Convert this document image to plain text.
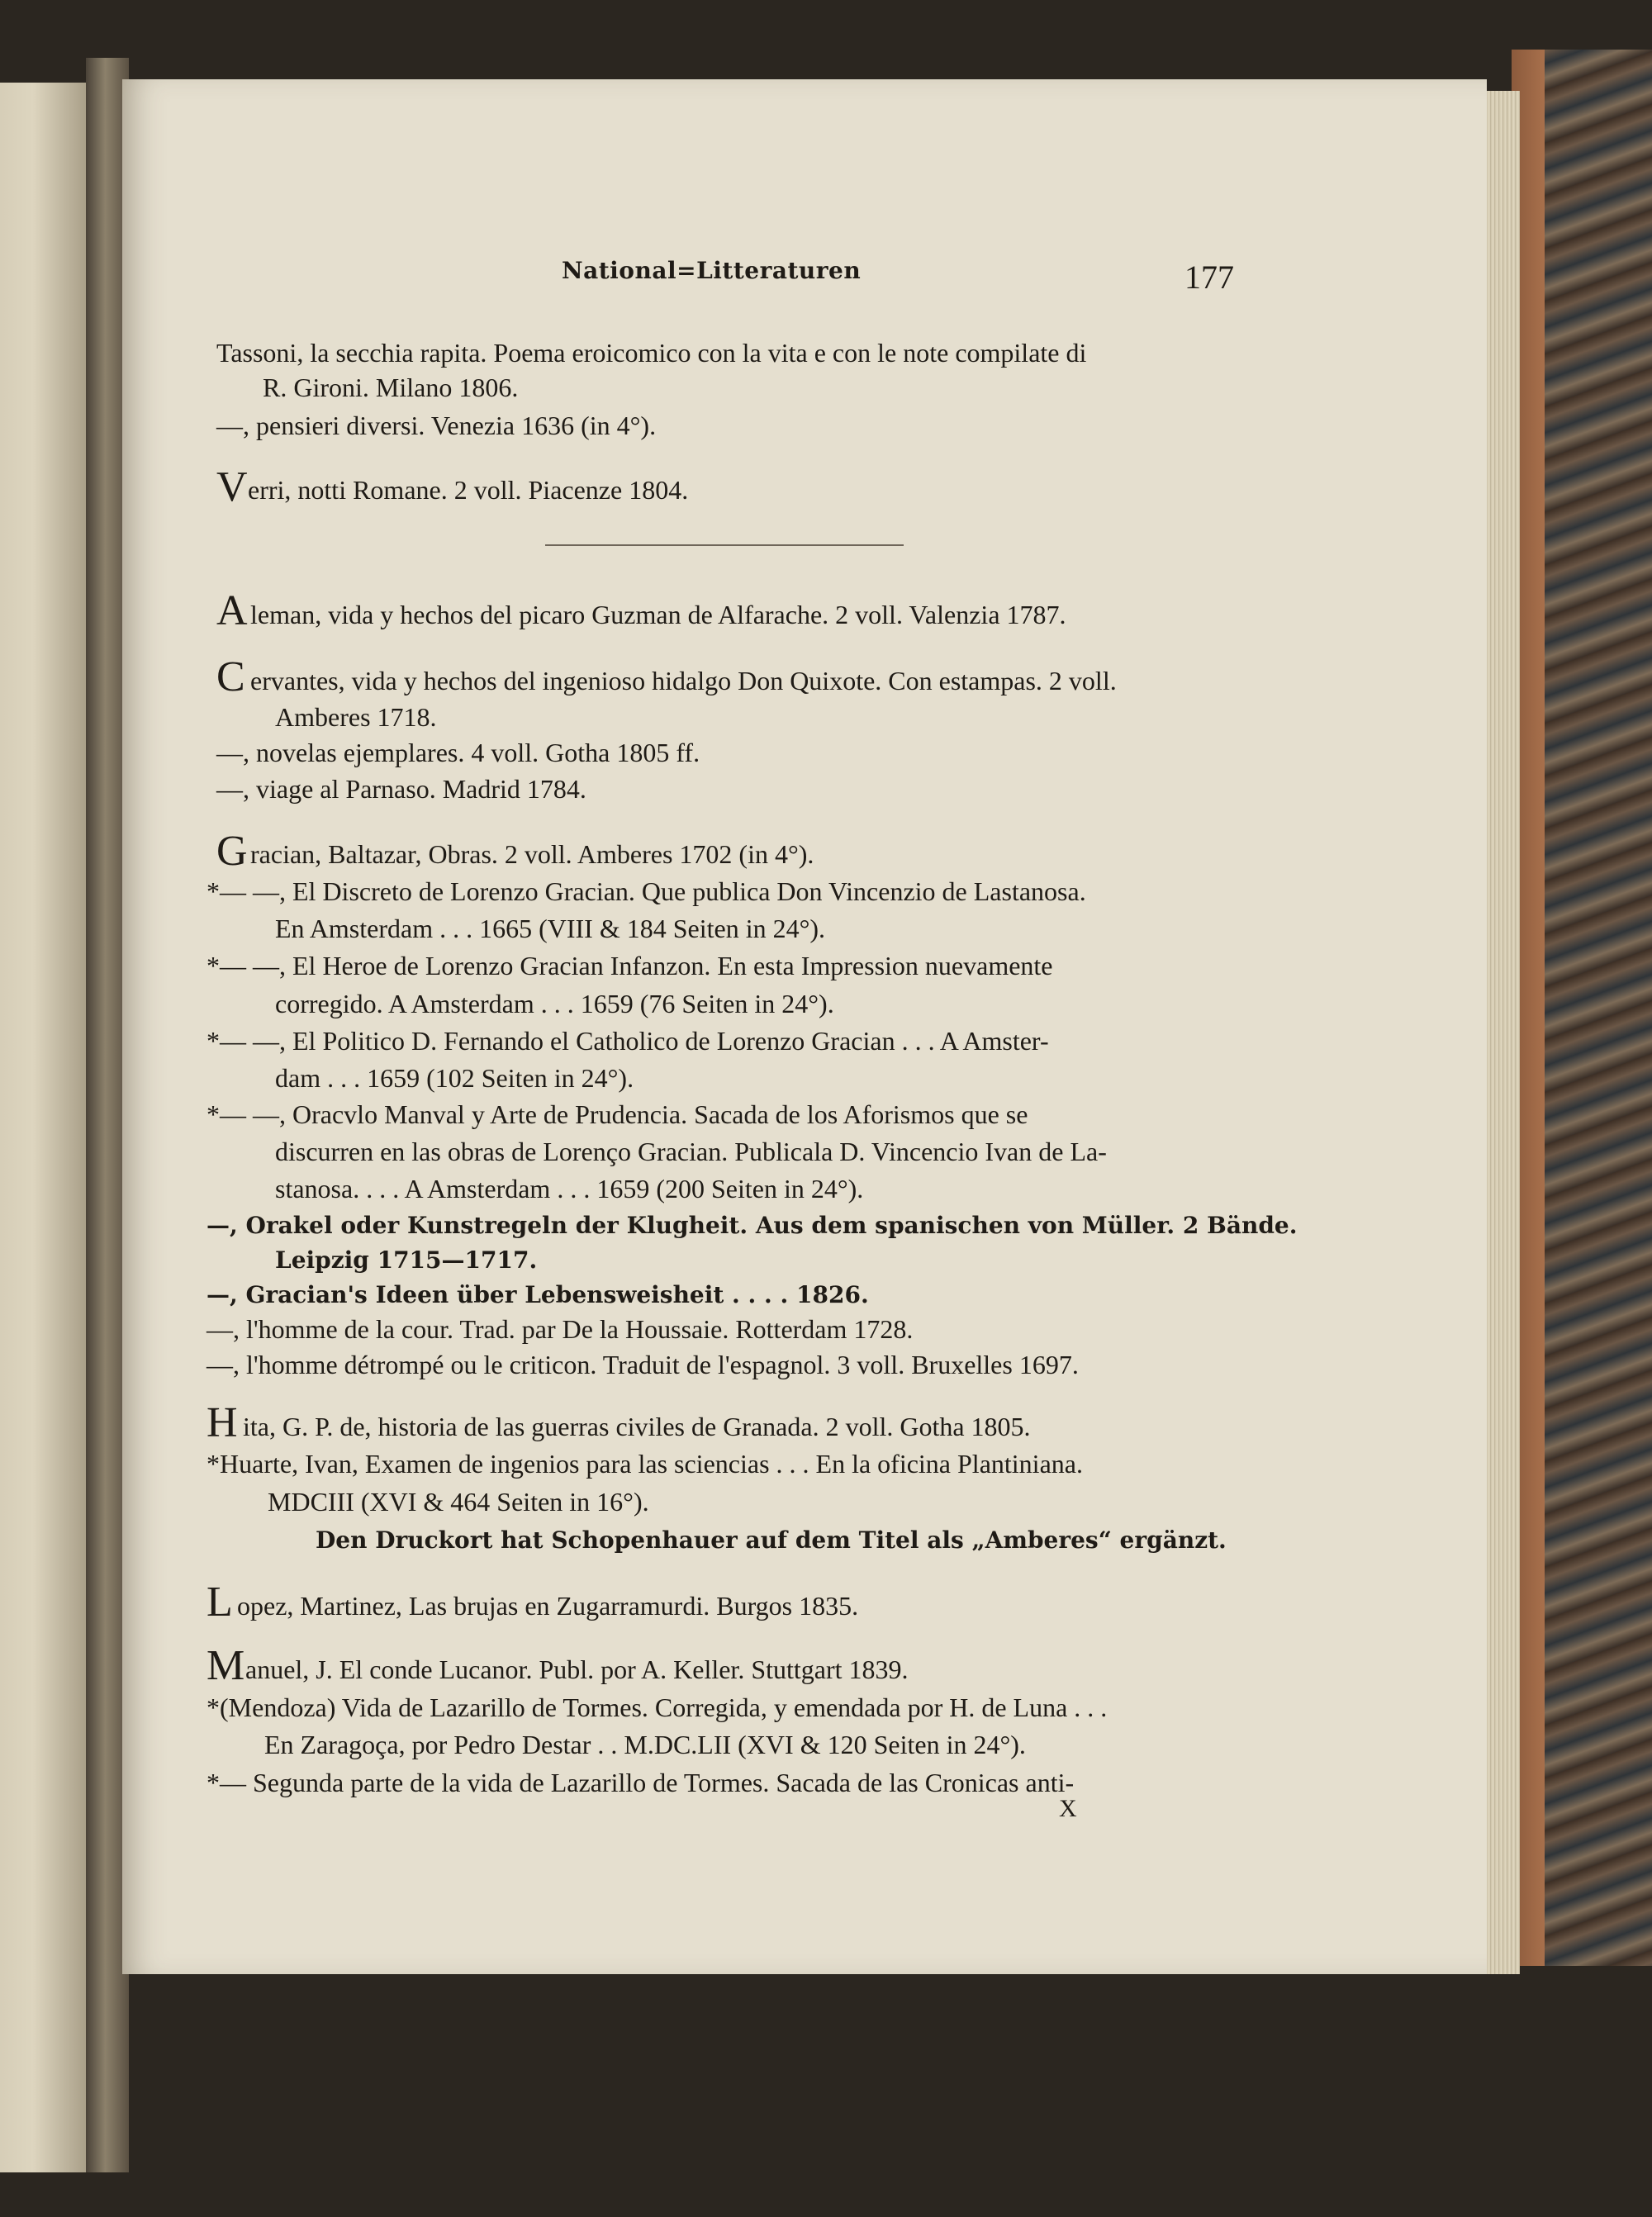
National=Litteraturen	177
Tassoni, la secchia rapita. Poema eroicomico con la vita e con le note compilate di
R. Gironi. Milano 1806.
—, pensieri diversi. Venezia 1636 (in 4°).
V erri, notti Romane. 2 voll. Piacenze 1804.
A leman, vida y hechos del picaro Guzman de Alfarache. 2 voll. Valenzia 1787.
C ervantes, vida y hechos del ingenioso hidalgo Don Quixote. Con estampas. 2 voll.
Amberes 1718.
—, novelas ejemplares. 4 voll. Gotha 1805 ff.
—, viage al Parnaso. Madrid 1784.
G racian, Baltazar, Obras. 2 voll. Amberes 1702 (in 4°).
*— —, El Discreto de Lorenzo Gracian. Que publica Don Vincenzio de Lastanosa.
En Amsterdam . . . 1665 (VIII & 184 Seiten in 24°).
*— —, El Heroe de Lorenzo Gracian Infanzon. En esta Impression nuevamente
corregido. A Amsterdam . . . 1659 (76 Seiten in 24°).
*— —, El Politico D. Fernando el Catholico de Lorenzo Gracian . . . A Amster-
dam . . . 1659 (102 Seiten in 24°).
*— —, Oracvlo Manval y Arte de Prudencia. Sacada de los Aforismos que se
discurren en las obras de Lorenço Gracian. Publicala D. Vincencio Ivan de La-
stanosa. . . . A Amsterdam . . . 1659 (200 Seiten in 24°).
—, Orakel oder Kunstregeln der Klugheit. Aus dem spanischen von Müller. 2 Bände.
Leipzig 1715—1717.
—, Gracian's Ideen über Lebensweisheit . . . . 1826.
—, l'homme de la cour. Trad. par De la Houssaie. Rotterdam 1728.
—, l'homme détrompé ou le criticon. Traduit de l'espagnol. 3 voll. Bruxelles 1697.
H ita, G. P. de, historia de las guerras civiles de Granada. 2 voll. Gotha 1805.
*Huarte, Ivan, Examen de ingenios para las sciencias . . . En la oficina Plantiniana.
MDCIII (XVI & 464 Seiten in 16°).
Den Druckort hat Schopenhauer auf dem Titel als „Amberes“ ergänzt.
L opez, Martinez, Las brujas en Zugarramurdi. Burgos 1835.
M anuel, J. El conde Lucanor. Publ. por A. Keller. Stuttgart 1839.
*(Mendoza) Vida de Lazarillo de Tormes. Corregida, y emendada por H. de Luna . . .
En Zaragoça, por Pedro Destar . . M.DC.LII (XVI & 120 Seiten in 24°).
*— Segunda parte de la vida de Lazarillo de Tormes. Sacada de las Cronicas anti-
X
